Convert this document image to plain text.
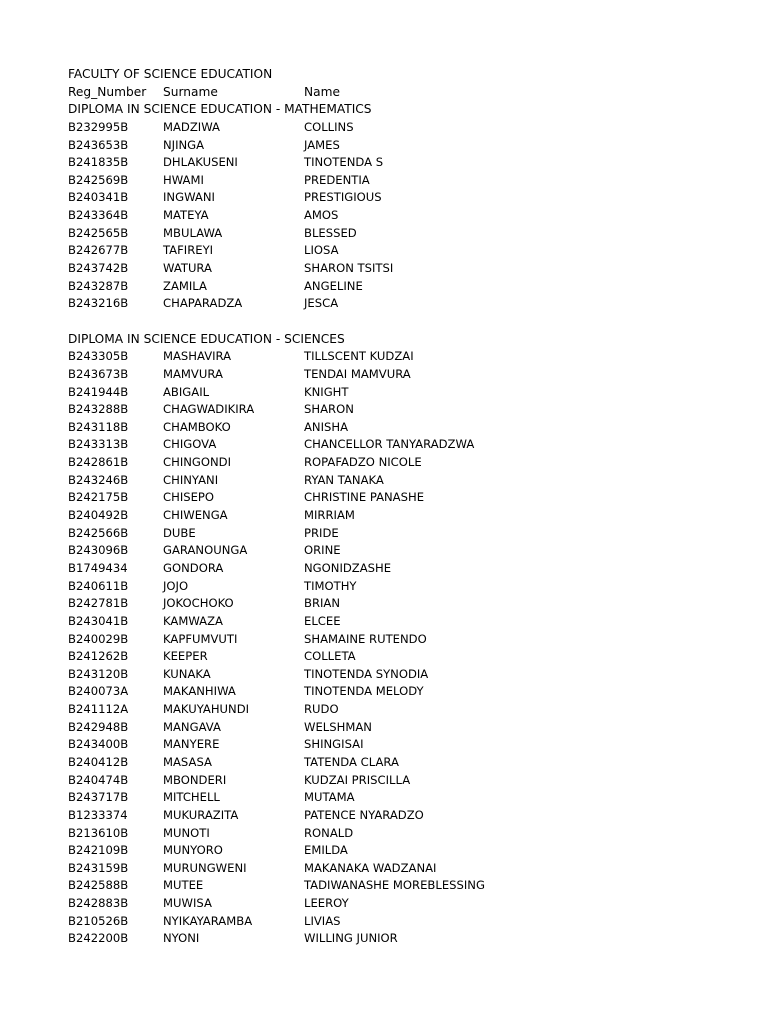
FACULTY OF SCIENCE EDUCATION
Reg_Number Surname	Name
DIPLOMA IN SCIENCE EDUCATION - MATHEMATICS
B232995B	MADZIWA	COLLINS
B243653B	NJINGA	JAMES
B241835B	DHLAKUSENI	TINOTENDA S
B242569B	HWAMI	PREDENTIA
B240341B	INGWANI	PRESTIGIOUS
B243364B	MATEYA	AMOS
B242565B	MBULAWA	BLESSED
B242677B	TAFIREYI	LIOSA
B243742B	WATURA	SHARON TSITSI
B243287B	ZAMILA	ANGELINE
B243216B	CHAPARADZA	JESCA
DIPLOMA IN SCIENCE EDUCATION - SCIENCES
B243305B	MASHAVIRA	TILLSCENT KUDZAI
B243673B	MAMVURA	TENDAI MAMVURA
B241944B	ABIGAIL	KNIGHT
B243288B	CHAGWADIKIRA	SHARON
B243118B	CHAMBOKO	ANISHA
B243313B	CHIGOVA	CHANCELLOR TANYARADZWA
B242861B	CHINGONDI	ROPAFADZO NICOLE
B243246B	CHINYANI	RYAN TANAKA
B242175B	CHISEPO	CHRISTINE PANASHE
B240492B	CHIWENGA	MIRRIAM
B242566B	DUBE	PRIDE
B243096B	GARANOUNGA	ORINE
B1749434	GONDORA	NGONIDZASHE
B240611B	JOJO	TIMOTHY
B242781B	JOKOCHOKO	BRIAN
B243041B	KAMWAZA	ELCEE
B240029B	KAPFUMVUTI	SHAMAINE RUTENDO
B241262B	KEEPER	COLLETA
B243120B	KUNAKA	TINOTENDA SYNODIA
B240073A	MAKANHIWA	TINOTENDA MELODY
B241112A	MAKUYAHUNDI	RUDO
B242948B	MANGAVA	WELSHMAN
B243400B	MANYERE	SHINGISAI
B240412B	MASASA	TATENDA CLARA
B240474B	MBONDERI	KUDZAI PRISCILLA
B243717B	MITCHELL	MUTAMA
B1233374	MUKURAZITA	PATENCE NYARADZO
B213610B	MUNOTI	RONALD
B242109B	MUNYORO	EMILDA
B243159B	MURUNGWENI	MAKANAKA WADZANAI
B242588B	MUTEE	TADIWANASHE MOREBLESSING
B242883B	MUWISA	LEEROY
B210526B	NYIKAYARAMBA	LIVIAS
B242200B	NYONI	WILLING JUNIOR
